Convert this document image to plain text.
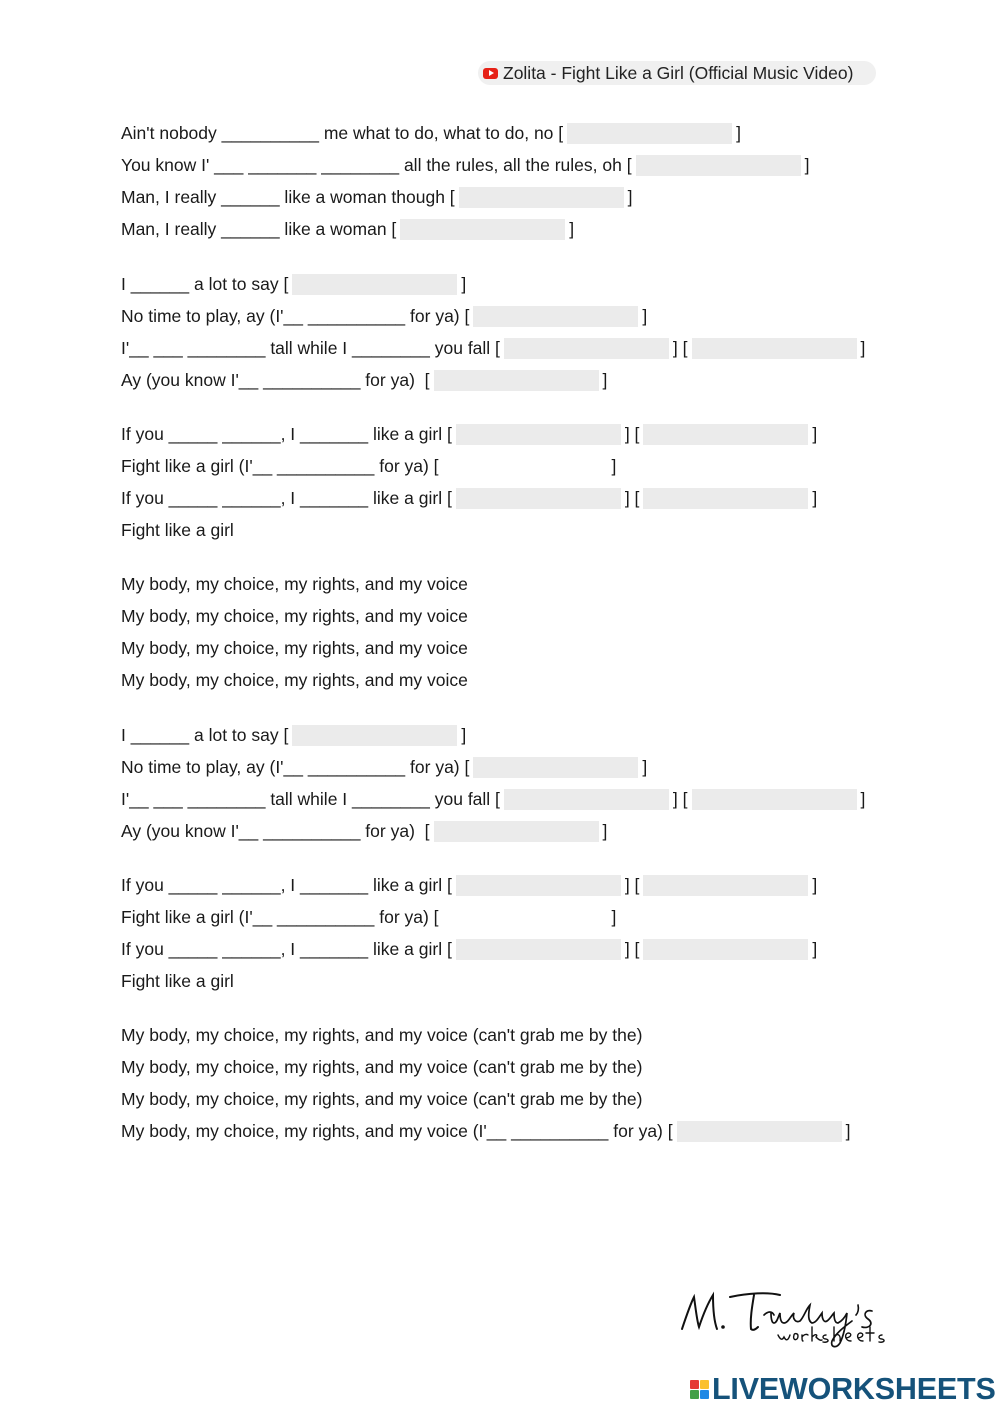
Zolita - Fight Like a Girl (Official Music Video)
Ain't nobody __________ me what to do, what to do, no [	]
You know I' ___ _______ ________ all the rules, all the rules, oh [	]
Man, I really ______ like a woman though [	]
Man, I really ______ like a woman [	]
I ______ a lot to say [	]
No time to play, ay (I'__ __________ for ya) [	]
I'__ ___ ________ tall while I ________ you fall [	] [	]
Ay (you know I'__ __________ for ya)  [	]
If you _____ ______, I _______ like a girl [	] [	]
Fight like a girl (I'__ __________ for ya) [	]
If you _____ ______, I _______ like a girl [	] [	]
Fight like a girl
My body, my choice, my rights, and my voice
My body, my choice, my rights, and my voice
My body, my choice, my rights, and my voice
My body, my choice, my rights, and my voice
I ______ a lot to say [	]
No time to play, ay (I'__ __________ for ya) [	]
I'__ ___ ________ tall while I ________ you fall [	] [	]
Ay (you know I'__ __________ for ya)  [	]
If you _____ ______, I _______ like a girl [	] [	]
Fight like a girl (I'__ __________ for ya) [	]
If you _____ ______, I _______ like a girl [	] [	]
Fight like a girl
My body, my choice, my rights, and my voice (can't grab me by the)
My body, my choice, my rights, and my voice (can't grab me by the)
My body, my choice, my rights, and my voice (can't grab me by the)
My body, my choice, my rights, and my voice (I'__ __________ for ya) [	]
LIVEWORKSHEETS
